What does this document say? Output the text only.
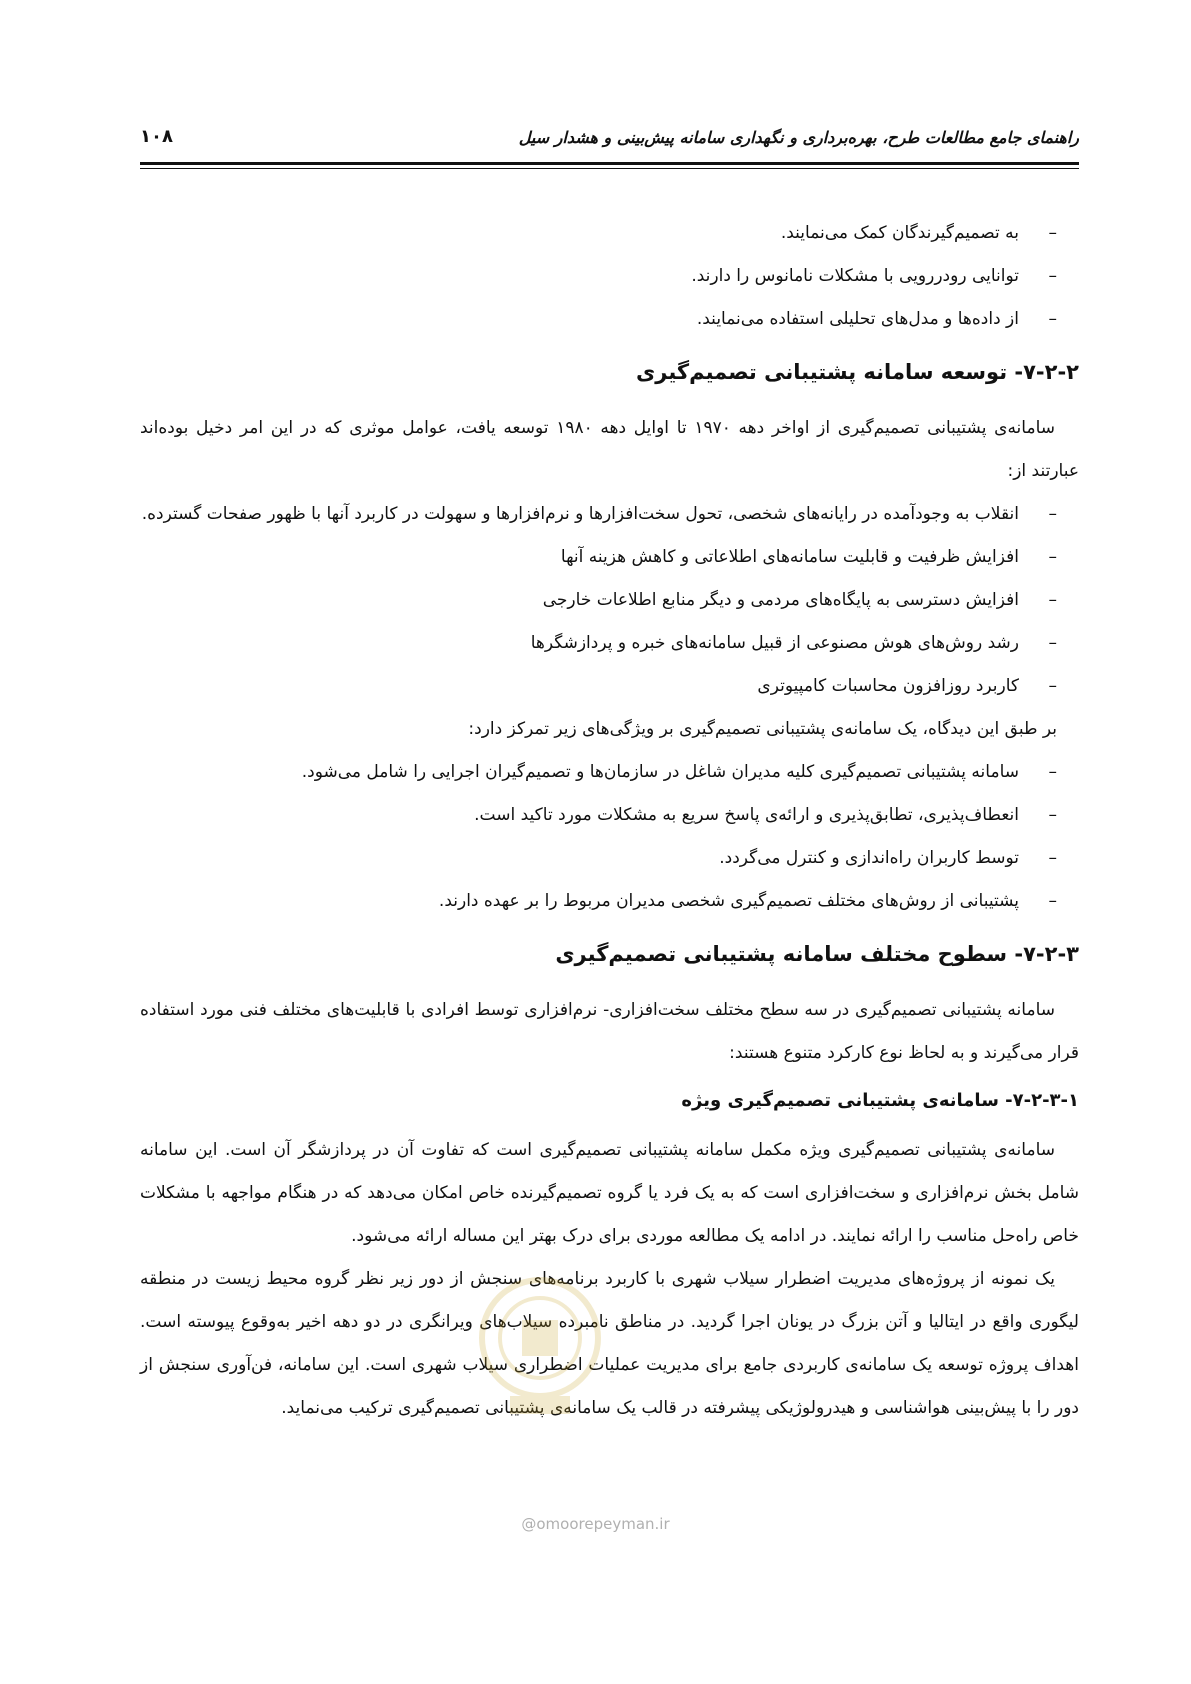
راهنمای جامع مطالعات طرح، بهره‌برداری و نگهداری سامانه پیش‌بینی و هشدار سیل
۱۰۸
– به تصمیم‌گیرندگان کمک می‌نمایند.
– توانایی رودررویی با مشکلات نامانوس را دارند.
– از داده‌ها و مدل‌های تحلیلی استفاده می‌نمایند.
۷-۲-۲- توسعه سامانه پشتیبانی تصمیم‌گیری

سامانه‌ی پشتیبانی تصمیم‌گیری از اواخر دهه ۱۹۷۰ تا اوایل دهه ۱۹۸۰ توسعه یافت، عوامل موثری که در این امر دخیل بوده‌اند عبارتند از:

– انقلاب به وجودآمده در رایانه‌های شخصی، تحول سخت‌افزارها و نرم‌افزارها و سهولت در کاربرد آنها با ظهور صفحات گسترده.
– افزایش ظرفیت و قابلیت سامانه‌های اطلاعاتی و کاهش هزینه آنها
– افزایش دسترسی به پایگاه‌های مردمی و دیگر منابع اطلاعات خارجی
– رشد روش‌های هوش مصنوعی از قبیل سامانه‌های خبره و پردازشگرها
– کاربرد روزافزون محاسبات کامپیوتری

بر طبق این دیدگاه، یک سامانه‌ی پشتیبانی تصمیم‌گیری بر ویژگی‌های زیر تمرکز دارد:

– سامانه پشتیبانی تصمیم‌گیری کلیه مدیران شاغل در سازمان‌ها و تصمیم‌گیران اجرایی را شامل می‌شود.
– انعطاف‌پذیری، تطابق‌پذیری و ارائه‌ی پاسخ سریع به مشکلات مورد تاکید است.
– توسط کاربران راه‌اندازی و کنترل می‌گردد.
– پشتیبانی از روش‌های مختلف تصمیم‌گیری شخصی مدیران مربوط را بر عهده دارند.
۷-۲-۳- سطوح مختلف سامانه پشتیبانی تصمیم‌گیری

سامانه پشتیبانی تصمیم‌گیری در سه سطح مختلف سخت‌افزاری- نرم‌افزاری توسط افرادی با قابلیت‌های مختلف فنی مورد استفاده قرار می‌گیرند و به لحاظ نوع کارکرد متنوع هستند:

۷-۲-۳-۱- سامانه‌ی پشتیبانی تصمیم‌گیری ویژه

سامانه‌ی پشتیبانی تصمیم‌گیری ویژه مکمل سامانه پشتیبانی تصمیم‌گیری است که تفاوت آن در پردازشگر آن است. این سامانه شامل بخش نرم‌افزاری و سخت‌افزاری است که به یک فرد یا گروه تصمیم‌گیرنده خاص امکان می‌دهد که در هنگام مواجهه با مشکلات خاص راه‌حل مناسب را ارائه نمایند. در ادامه یک مطالعه موردی برای درک بهتر این مساله ارائه می‌شود.

یک نمونه از پروژه‌های مدیریت اضطرار سیلاب شهری با کاربرد برنامه‌های سنجش از دور زیر نظر گروه محیط زیست در منطقه لیگوری واقع در ایتالیا و آتن بزرگ در یونان اجرا گردید. در مناطق نامبرده سیلاب‌های ویرانگری در دو دهه اخیر به‌وقوع پیوسته است. اهداف پروژه توسعه یک سامانه‌ی کاربردی جامع برای مدیریت عملیات اضطراری سیلاب شهری است. این سامانه، فن‌آوری سنجش از دور را با پیش‌بینی هواشناسی و هیدرولوژیکی پیشرفته در قالب یک سامانه‌ی پشتیبانی تصمیم‌گیری ترکیب می‌نماید.

@omoorepeyman.ir
